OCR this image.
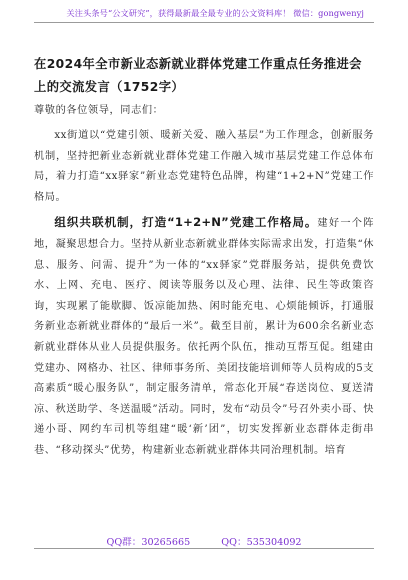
关注头条号“公文研究”，获得最新最全最专业的公文资料库！ 微信：gongwenyj

在2024年全市新业态新就业群体党建工作重点任务推进会上的交流发言（1752字）

尊敬的各位领导，同志们：

xx街道以“党建引领、暖新关爱、融入基层”为工作理念，创新服务机制，坚持把新业态新就业群体党建工作融入城市基层党建工作总体布局，着力打造“xx驿家”新业态党建特色品牌，构建“1+2+N”党建工作格局。

组织共联机制，打造“1+2+N”党建工作格局。建好一个阵地，凝聚思想合力。坚持从新业态新就业群体实际需求出发，打造集“休息、服务、问需、提升”为一体的“xx驿家”党群服务站，提供免费饮水、上网、充电、医疗、阅读等服务以及心理、法律、民生等政策咨询，实现累了能歇脚、饭凉能加热、闲时能充电、心烦能倾诉，打通服务新业态新就业群体的“最后一米”。截至目前，累计为600余名新业态新就业群体从业人员提供服务。依托两个队伍，推动互帮互促。组建由党建办、网格办、社区、律师事务所、美团技能培训师等人员构成的5支高素质“暖心服务队”，制定服务清单，常态化开展“春送岗位、夏送清凉、秋送助学、冬送温暖”活动。同时，发布“动员令”号召外卖小哥、快递小哥、网约车司机等组建“暖‘新’团”，切实发挥新业态群体走街串巷、“移动探头”优势，构建新业态新就业群体共同治理机制。培育

QQ群：30265665	QQ：535304092
